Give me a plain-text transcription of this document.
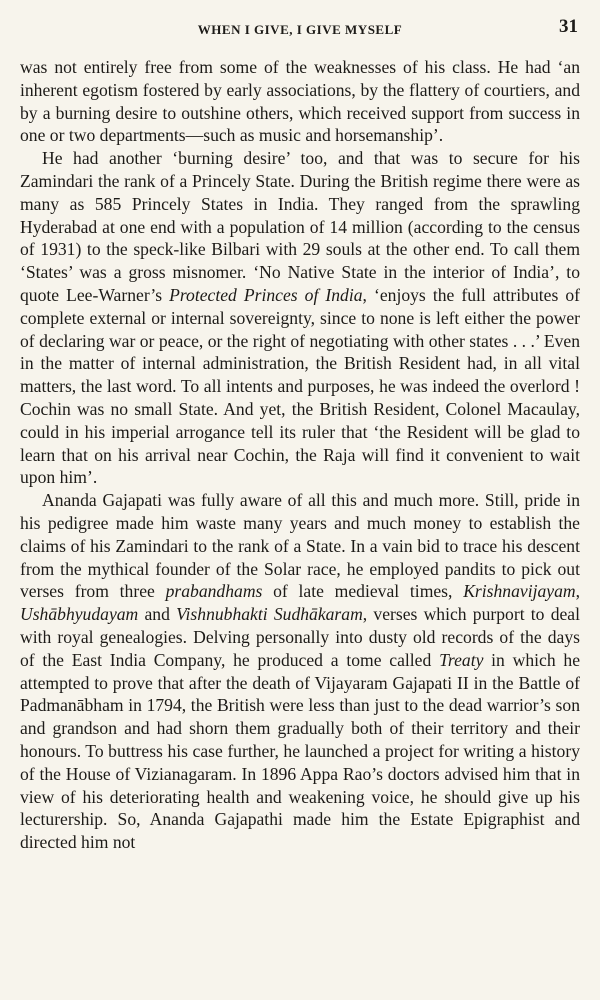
WHEN I GIVE, I GIVE MYSELF	31

was not entirely free from some of the weaknesses of his class. He had ‘an inherent egotism fostered by early associations, by the flattery of courtiers, and by a burning desire to outshine others, which received support from success in one or two departments—such as music and horsemanship’.

He had another ‘burning desire’ too, and that was to secure for his Zamindari the rank of a Princely State. During the British regime there were as many as 585 Princely States in India. They ranged from the sprawling Hyderabad at one end with a population of 14 million (according to the census of 1931) to the speck-like Bilbari with 29 souls at the other end. To call them ‘States’ was a gross misnomer. ‘No Native State in the interior of India’, to quote Lee-Warner’s Protected Princes of India, ‘enjoys the full attributes of complete external or internal sovereignty, since to none is left either the power of declaring war or peace, or the right of negotiating with other states . . .’ Even in the matter of internal administration, the British Resident had, in all vital matters, the last word. To all intents and purposes, he was indeed the overlord ! Cochin was no small State. And yet, the British Resident, Colonel Macaulay, could in his imperial arrogance tell its ruler that ‘the Resident will be glad to learn that on his arrival near Cochin, the Raja will find it convenient to wait upon him’.

Ananda Gajapati was fully aware of all this and much more. Still, pride in his pedigree made him waste many years and much money to establish the claims of his Zamindari to the rank of a State. In a vain bid to trace his descent from the mythical founder of the Solar race, he employed pandits to pick out verses from three prabandhams of late medieval times, Krishnavijayam, Ushābhyudayam and Vishnubhakti Sudhākaram, verses which purport to deal with royal genealogies. Delving personally into dusty old records of the days of the East India Company, he produced a tome called Treaty in which he attempted to prove that after the death of Vijayaram Gajapati II in the Battle of Padmanābham in 1794, the British were less than just to the dead warrior’s son and grandson and had shorn them gradually both of their territory and their honours. To buttress his case further, he launched a project for writing a history of the House of Vizianagaram. In 1896 Appa Rao’s doctors advised him that in view of his deteriorating health and weakening voice, he should give up his lecturership. So, Ananda Gajapathi made him the Estate Epigraphist and directed him not
